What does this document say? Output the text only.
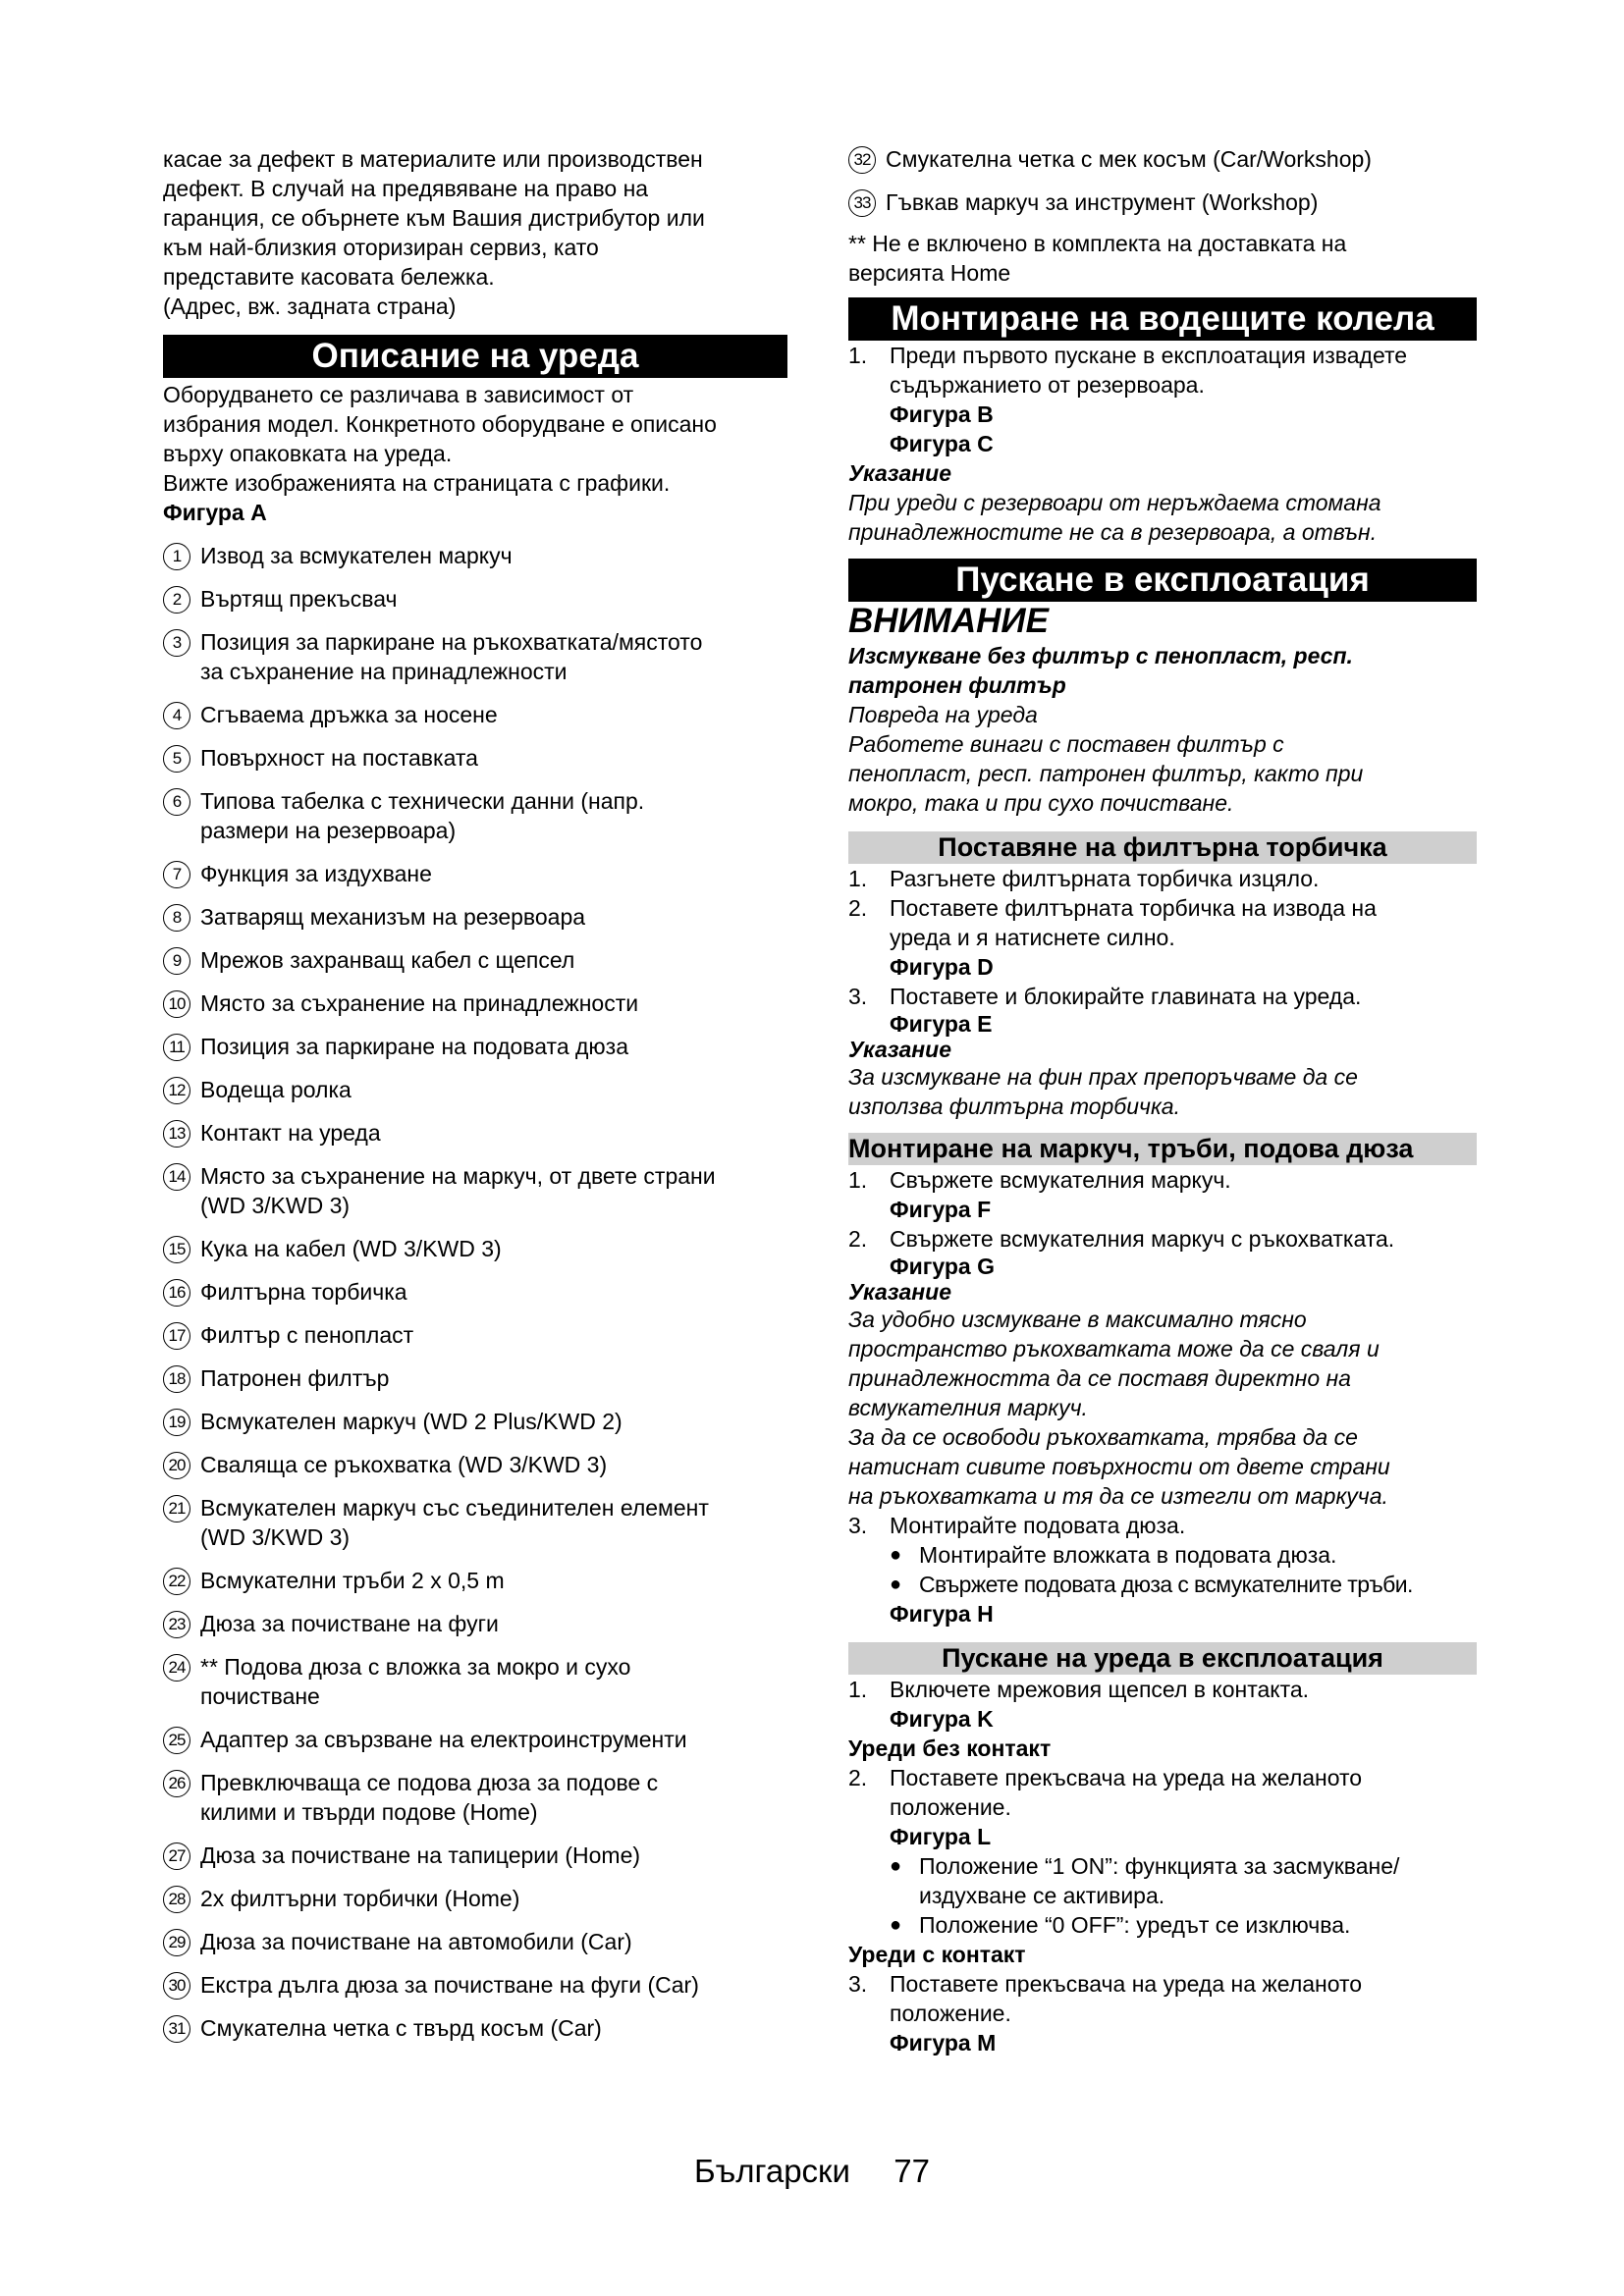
касае за дефект в материалите или производствен

дефект. В случай на предявяване на право на

гаранция, се обърнете към Вашия дистрибутор или

към най-близкия оторизиран сервиз, като

представите касовата бележка.

(Адрес, вж. задната страна)

Описание на уреда

Оборудването се различава в зависимост от

избрания модел. Конкретното оборудване е описано

върху опаковката на уреда.

Вижте изображенията на страницата с графики.

Фигура A

1 Извод за всмукателен маркуч
2 Въртящ прекъсвач
3 Позиция за паркиране на ръкохватката/мястото
за съхранение на принадлежности
4 Сгъваема дръжка за носене
5 Повърхност на поставката
6 Типова табелка с технически данни (напр.
размери на резервоара)
7 Функция за издухване
8 Затварящ механизъм на резервоара
9 Мрежов захранващ кабел с щепсел
10 Място за съхранение на принадлежности
11 Позиция за паркиране на подовата дюза
12 Водеща ролка
13 Контакт на уреда
14 Място за съхранение на маркуч, от двете страни
(WD 3/KWD 3)
15 Кука на кабел (WD 3/KWD 3)
16 Филтърна торбичка
17 Филтър с пенопласт
18 Патронен филтър
19 Всмукателен маркуч (WD 2 Plus/KWD 2)
20 Сваляща се ръкохватка (WD 3/KWD 3)
21 Всмукателен маркуч със съединителен елемент
(WD 3/KWD 3)
22 Всмукателни тръби 2 x 0,5 m
23 Дюза за почистване на фуги
24 ** Подова дюза с вложка за мокро и сухо
почистване
25 Адаптер за свързване на електроинструменти
26 Превключваща се подова дюза за подове с
килими и твърди подове (Home)
27 Дюза за почистване на тапицерии (Home)
28 2x филтърни торбички (Home)
29 Дюза за почистване на автомобили (Car)
30 Екстра дълга дюза за почистване на фуги (Car)
31 Смукателна четка с твърд косъм (Car)
32 Смукателна четка с мек косъм (Car/Workshop)
33 Гъвкав маркуч за инструмент (Workshop)

** Не е включено в комплекта на доставката на

версията Home

Монтиране на водещите колела
1. Преди първото пускане в експлоатация извадете
съдържанието от резервоара.

Фигура B

Фигура C

Указание

При уреди с резервоари от неръждаема стомана

принадлежностите не са в резервоара, а отвън.

Пускане в експлоатация

ВНИМАНИЕ

Изсмукване без филтър с пенопласт, респ.

патронен филтър

Повреда на уреда

Работете винаги с поставен филтър с

пенопласт, респ. патронен филтър, както при

мокро, така и при сухо почистване.

Поставяне на филтърна торбичка
1. Разгънете филтърната торбичка изцяло.
2. Поставете филтърната торбичка на извода на
уреда и я натиснете силно.

Фигура D

3. Поставете и блокирайте главината на уреда.

Фигура E

Указание

За изсмукване на фин прах препоръчваме да се

използва филтърна торбичка.

Монтиране на маркуч, тръби, подова дюза
1. Свържете всмукателния маркуч.

Фигура F

2. Свържете всмукателния маркуч с ръкохватката.

Фигура G

Указание

За удобно изсмукване в максимално тясно

пространство ръкохватката може да се сваля и

принадлежността да се поставя директно на

всмукателния маркуч.

За да се освободи ръкохватката, трябва да се

натиснат сивите повърхности от двете страни

на ръкохватката и тя да се изтегли от маркуча.

3. Монтирайте подовата дюза.
● Монтирайте вложката в подовата дюза.
● Свържете подовата дюза с всмукателните тръби.

Фигура H

Пускане на уреда в експлоатация
1. Включете мрежовия щепсел в контакта.

Фигура K

Уреди без контакт

2. Поставете прекъсвача на уреда на желаното
положение.

Фигура L

● Положение “1 ON”: функцията за засмукване/
издухване се активира.
● Положение “0 OFF”: уредът се изключва.

Уреди с контакт

3. Поставете прекъсвача на уреда на желаното
положение.

Фигура M

Български 77
